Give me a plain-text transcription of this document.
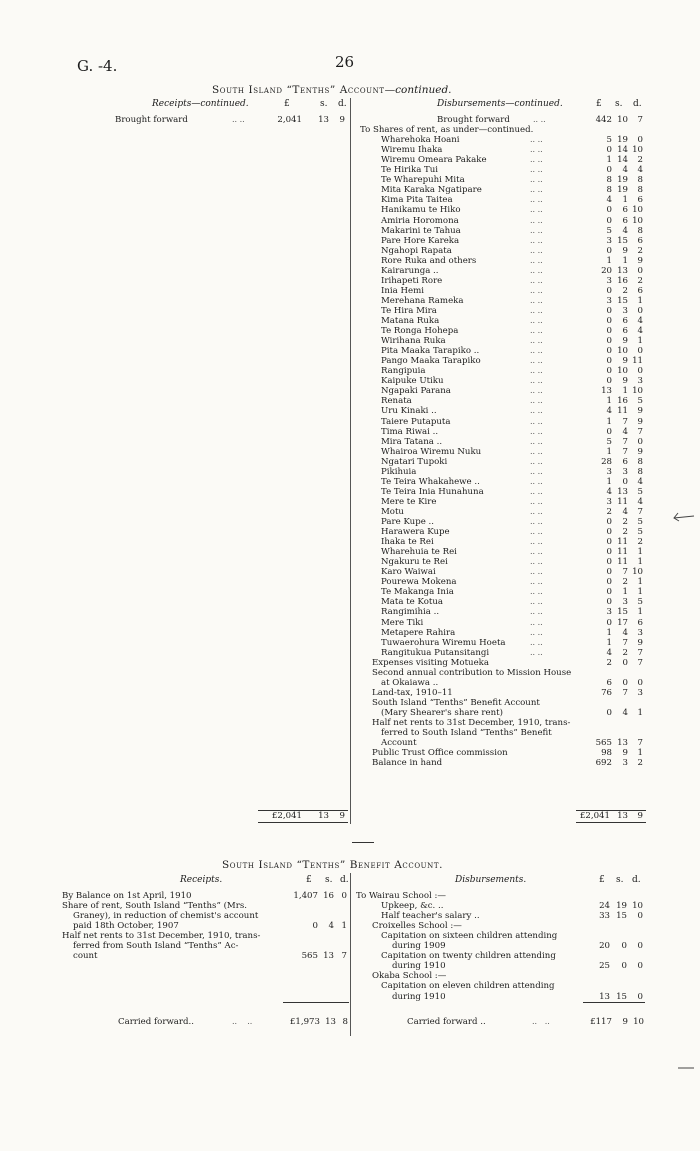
G. -4.	26
South Island “Tenths” Account—continued.
Receipts—continued.	£	s. d.	Disbursements—continued.	£ s. d.
Brought forward	.. ..	2,041	13	9	Brought forward	.. ..	442 10	7
To Shares of rent, as under—continued.
Wharehoka Hoani	.. ..	5 19	0
Wiremu Ihaka	.. ..	0 14 10
Wiremu Omeara Pakake	.. ..	1 14	2
Te Hirika Tui	.. ..	0	4	4
Te Wharepuhi Mita	.. ..	8 19	8
Mita Karaka Ngatipare	.. ..	8 19	8
Kima Pita Taitea	.. ..	4	1	6
Hanikamu te Hiko	.. ..	0	6 10
Amiria Horomona	.. ..	0	6 10
Makarini te Tahua	.. ..	5	4	8
Pare Hore Kareka	.. ..	3 15	6
Ngahopi Rapata	.. ..	0	9	2
Rore Ruka and others	.. ..	1	1	9
Kairarunga ..	.. ..	20 13	0
Irihapeti Rore	.. ..	3 16	2
Inia Hemi	.. ..	0	2	6
Merehana Rameka	.. ..	3 15	1
Te Hira Mira	.. ..	0	3	0
Matana Ruka	.. ..	0	6	4
Te Ronga Hohepa	.. ..	0	6	4
Wirihana Ruka	.. ..	0	9	1
Pita Maaka Tarapiko ..	.. ..	0 10	0
Pango Maaka Tarapiko	.. ..	0	9 11
Rangipuia	.. ..	0 10	0
Kaipuke Utiku	.. ..	0	9	3
Ngapaki Parana	.. ..	13	1 10
Renata	.. ..	1 16	5
Uru Kinaki ..	.. ..	4 11	9
Taiere Putaputa	.. ..	1	7	9
Tima Riwai ..	.. ..	0	4	7
Mira Tatana ..	.. ..	5	7	0
Whairoa Wiremu Nuku	.. ..	1	7	9
Ngatari Tupoki	.. ..	28	6	8
Pikihuia	.. ..	3	3	8
Te Teira Whakahewe ..	.. ..	1	0	4
Te Teira Inia Hunahuna	.. ..	4 13	5
Mere te Kire	.. ..	3 11	4
Motu	.. ..	2	4	7
Pare Kupe ..	.. ..	0	2	5
Harawera Kupe	.. ..	0	2	5
Ihaka te Rei	.. ..	0 11	2
Wharehuia te Rei	.. ..	0 11	1
Ngakuru te Rei	.. ..	0 11	1
Karo Waiwai	.. ..	0	7 10
Pourewa Mokena	.. ..	0	2	1
Te Makanga Inia	.. ..	0	1	1
Mata te Kotua	.. ..	0	3	5
Rangimihia ..	.. ..	3 15	1
Mere Tiki	.. ..	0 17	6
Metapere Rahira	.. ..	1	4	3
Tuwaerohura Wiremu Hoeta	.. ..	1	7	9
Rangitukua Putansitangi	.. ..	4	2	7
Expenses visiting Motueka	2	0	7
Second annual contribution to Mission House
at Okaiawa ..	6	0	0
Land-tax, 1910–11	76	7	3
South Island “Tenths” Benefit Account
(Mary Shearer's share rent)	0	4	1
Half net rents to 31st December, 1910, trans-
ferred to South Island “Tenths” Benefit
Account	565 13	7
Public Trust Office commission	98	9	1
Balance in hand	692	3	2
£2,041	13	9	£2,041 13	9
South Island “Tenths” Benefit Account.
Receipts.	£ s. d.	Disbursements.	£ s. d.
By Balance on 1st April, 1910	1,407 16 0
Share of rent, South Island “Tenths” (Mrs.
Graney), in reduction of chemist's account
paid 18th October, 1907	0	4 1
Half net rents to 31st December, 1910, trans-
ferred from South Island “Tenths” Ac-
count	565 13 7
To Wairau School :—
Upkeep, &c. ..	24 19 10
Half teacher's salary ..	33 15	0
Croixelles School :—
Capitation on sixteen children attending
during 1909	20	0	0
Capitation on twenty children attending
during 1910	25	0	0
Okaba School :—
Capitation on eleven children attending
during 1910	13 15	0
Carried forward..	..    ..	£1,973 13 8	Carried forward ..	..   ..	£117	9 10
